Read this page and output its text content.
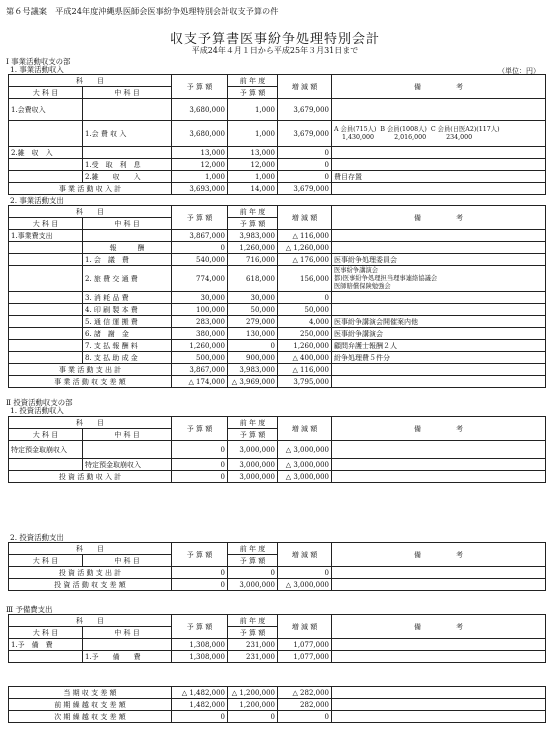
第６号議案　平成24年度沖縄県医師会医事紛争処理特別会計収支予算の件
収支予算書医事紛争処理特別会計
平成24年４月１日から平成25年３月31日まで
Ⅰ 事業活動収支の部
1. 事業活動収入	（単位：円）
科　　目		予 算 額	前 年 度	増 減 額	備　　　　　考
大 科 目	中 科 目		予 算 額		
1.会費収入		3,680,000	1,000	3,679,000	
	1.会 費 収 入	3,680,000	1,000	3,679,000	A 会員(715人)  B 会員(1008人)  C 会員(日医A2)(117人)
1,430,000          2,016,000          234,000
2.雑　収　入		13,000	13,000	0	
	1.受　取　利　息	12,000	12,000	0	
	2.雑　　収　　入	1,000	1,000	0	費目存置
事 業 活 動 収 入 計		3,693,000	14,000	3,679,000	
2. 事業活動支出
科　　目		予 算 額	前 年 度	増 減 額	備　　　　　考
大 科 目	中 科 目		予 算 額		
1.事業費支出		3,867,000	3,983,000	△ 116,000	
	報　　　酬	0	1,260,000	△ 1,260,000	
	1. 会　議　費	540,000	716,000	△ 176,000	医事紛争処理委員会
	2. 旅 費 交 通 費	774,000	618,000	156,000	医事紛争講演会
都)医事紛争処理担当理事連絡協議会
医師賠償保険勉強会
	3. 消 耗 品 費	30,000	30,000	0	
	4. 印 刷 製 本 費	100,000	50,000	50,000	
	5. 通 信 運 搬 費	283,000	279,000	4,000	医事紛争講演会開催案内他
	6. 諸　謝　金	380,000	130,000	250,000	医事紛争講演会
	7. 支 払 報 酬 料	1,260,000	0	1,260,000	顧問弁護士報酬２人
	8. 支 払 助 成 金	500,000	900,000	△ 400,000	紛争処理費５件分
事 業 活 動 支 出 計		3,867,000	3,983,000	△ 116,000	
事 業 活 動 収 支 差 額		△ 174,000	△ 3,969,000	3,795,000	
Ⅱ 投資活動収支の部
1. 投資活動収入
科　　目		予 算 額	前 年 度	増 減 額	備　　　　　考
大 科 目	中 科 目		予 算 額		
特定預金取崩収入		0	3,000,000	△ 3,000,000	
	特定預金取崩収入	0	3,000,000	△ 3,000,000	
投 資 活 動 収 入 計		0	3,000,000	△ 3,000,000	
2. 投資活動支出
科　　目		予 算 額	前 年 度	増 減 額	備　　　　　考
大 科 目	中 科 目		予 算 額		
投 資 活 動 支 出 計		0	0	0	
投 資 活 動 収 支 差 額		0	3,000,000	△ 3,000,000	
Ⅲ 予備費支出
科　　目		予 算 額	前 年 度	増 減 額	備　　　　　考
大 科 目	中 科 目		予 算 額		
1.予　備　費		1,308,000	231,000	1,077,000	
	1.予　　備　　費	1,308,000	231,000	1,077,000	
当 期 収 支 差 額	△ 1,482,000	△ 1,200,000	△ 282,000	
前 期 繰 越 収 支 差 額	1,482,000	1,200,000	282,000	
次 期 繰 越 収 支 差 額	0	0	0	
